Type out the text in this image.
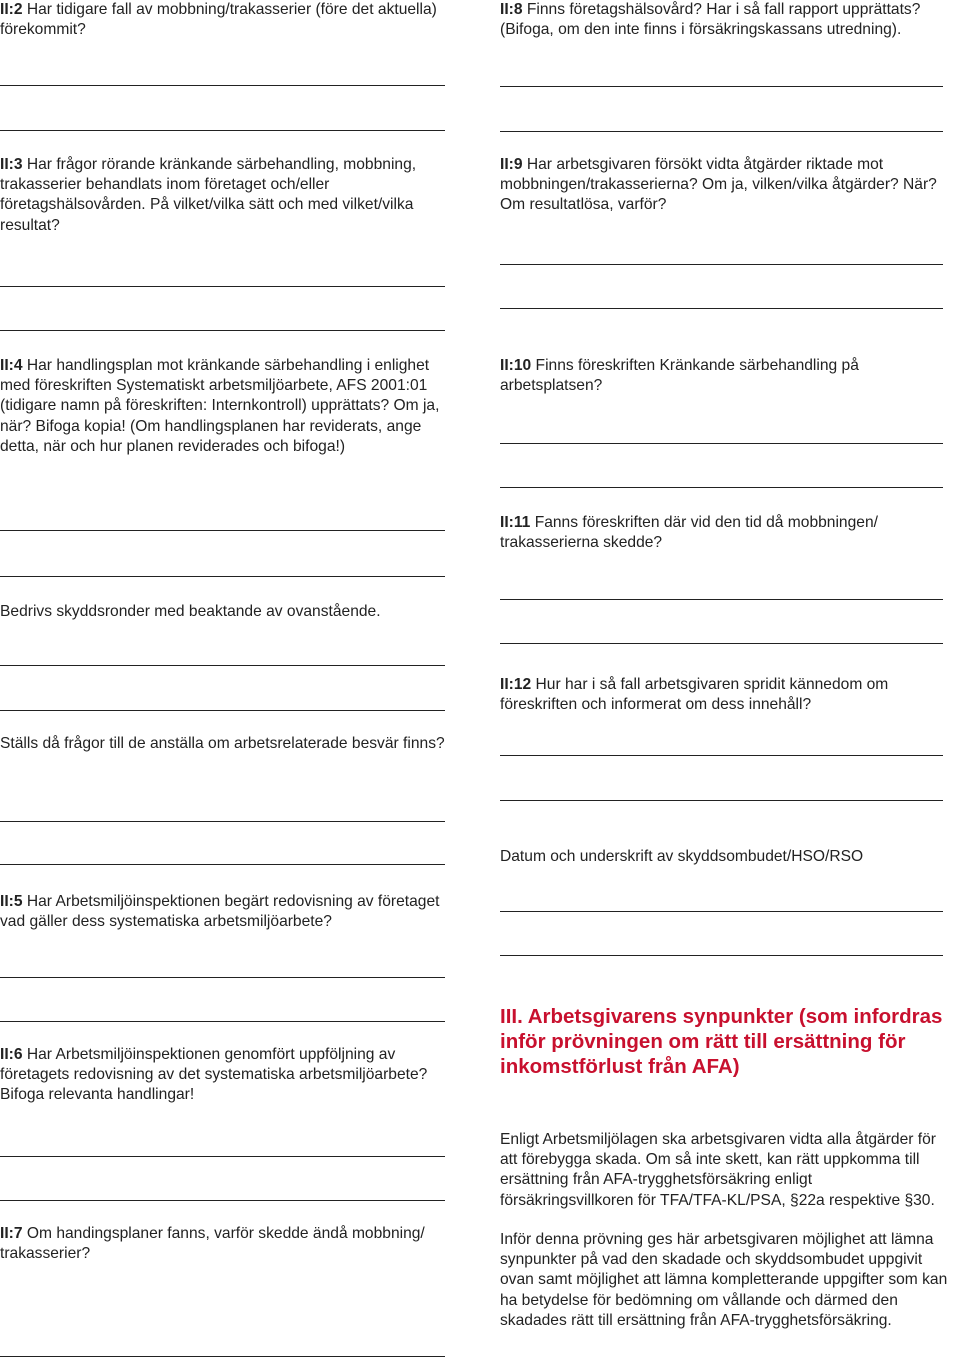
II:2 Har tidigare fall av mobbning/trakasserier (före det aktuella) förekommit?

II:3 Har frågor rörande kränkande särbehandling, mobbning, trakasserier behandlats inom företaget och/eller företagshälsovården. På vilket/vilka sätt och med vilket/vilka resultat?

II:4 Har handlingsplan mot kränkande särbehandling i enlighet med föreskriften Systematiskt arbetsmiljöarbete, AFS 2001:01 (tidigare namn på föreskriften: Internkontroll) upprättats? Om ja, när? Bifoga kopia! (Om handlingsplanen har reviderats, ange detta, när och hur planen reviderades och bifoga!)

Bedrivs skyddsronder med beaktande av ovanstående.

Ställs då frågor till de anställa om arbetsrelaterade besvär finns?

II:5 Har Arbetsmiljöinspektionen begärt redovisning av företaget vad gäller dess systematiska arbetsmiljöarbete?

II:6 Har Arbetsmiljöinspektionen genomfört uppföljning av företagets redovisning av det systematiska arbetsmiljöarbete? Bifoga relevanta handlingar!

II:7 Om handingsplaner fanns, varför skedde ändå mobbning/ trakasserier?

II:8 Finns företagshälsovård? Har i så fall rapport upprättats? (Bifoga, om den inte finns i försäkringskassans utredning).

II:9 Har arbetsgivaren försökt vidta åtgärder riktade mot mobbningen/trakasserierna? Om ja, vilken/vilka åtgärder? När? Om resultatlösa, varför?

II:10 Finns föreskriften Kränkande särbehandling på arbetsplatsen?

II:11 Fanns föreskriften där vid den tid då mobbningen/ trakasserierna skedde?

II:12 Hur har i så fall arbetsgivaren spridit kännedom om föreskriften och informerat om dess innehåll?

Datum och underskrift av skyddsombudet/HSO/RSO

III. Arbetsgivarens synpunkter (som infordras inför prövningen om rätt till ersättning för inkomstförlust från AFA)

Enligt Arbetsmiljölagen ska arbetsgivaren vidta alla åtgärder för att förebygga skada. Om så inte skett, kan rätt uppkomma till ersättning från AFA-trygghetsförsäkring enligt försäkringsvillkoren för TFA/TFA-KL/PSA, §22a respektive §30.

Inför denna prövning ges här arbetsgivaren möjlighet att lämna synpunkter på vad den skadade och skyddsombudet uppgivit ovan samt möjlighet att lämna kompletterande uppgifter som kan ha betydelse för bedömning om vållande och därmed den skadades rätt till ersättning från AFA-trygghetsförsäkring.
